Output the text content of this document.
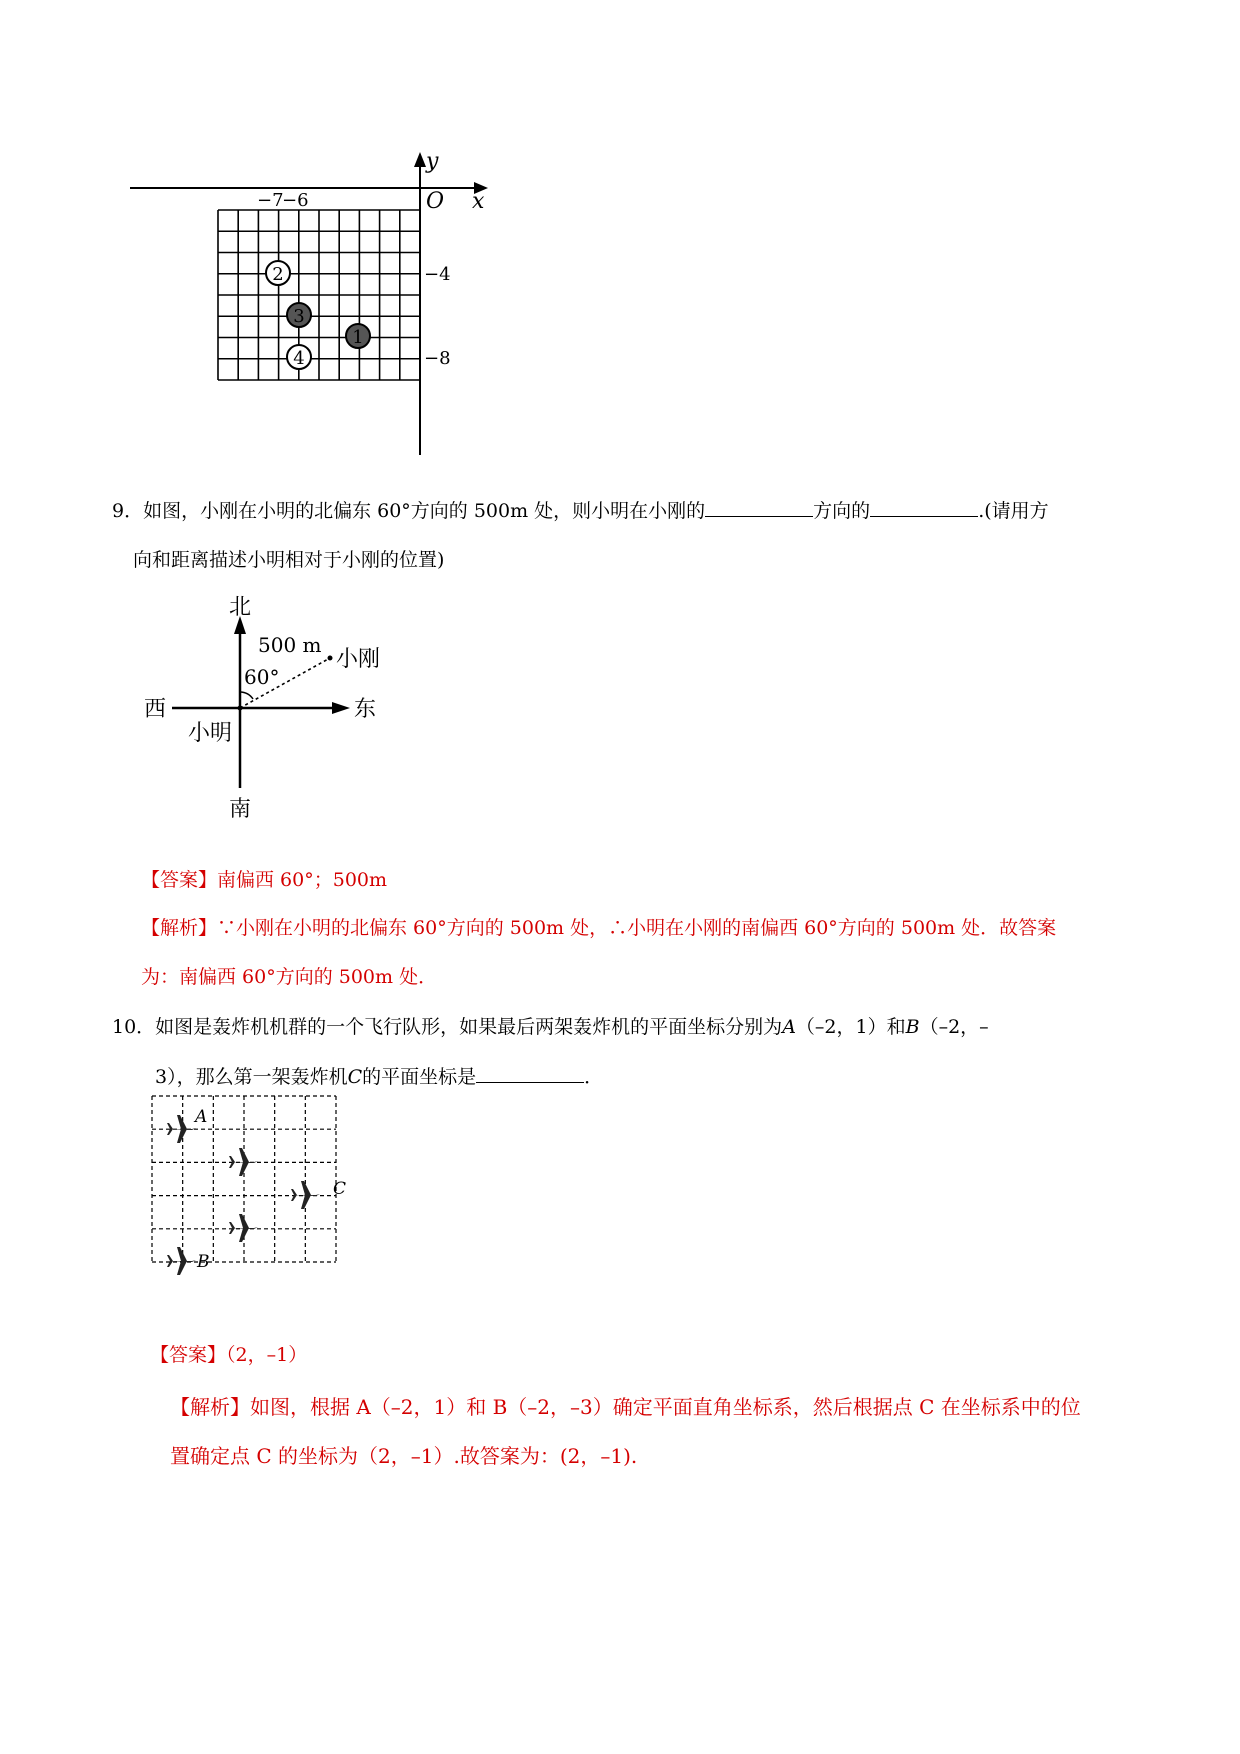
y
x
O
−7
−6
−4
−8
1
2
3
4
9．如图，小刚在小明的北偏东 60°方向的 500m 处，则小明在小刚的	方向的	.(请用方
向和距离描述小明相对于小刚的位置)
北
南
西	东
小明
小刚
500 m
60°
【答案】南偏西 60°；500m
【解析】∵小刚在小明的北偏东 60°方向的 500m 处，∴小明在小刚的南偏西 60°方向的 500m 处．故答案
为：南偏西 60°方向的 500m 处．
10．如图是轰炸机机群的一个飞行队形，如果最后两架轰炸机的平面坐标分别为A（–2，1）和B（–2，–
3），那么第一架轰炸机C的平面坐标是	．
A
B
C
【答案】（2，–1）
【解析】如图，根据 A（–2，1）和 B（–2，–3）确定平面直角坐标系，然后根据点 C 在坐标系中的位
置确定点 C 的坐标为（2，–1）.故答案为：(2，–1).
